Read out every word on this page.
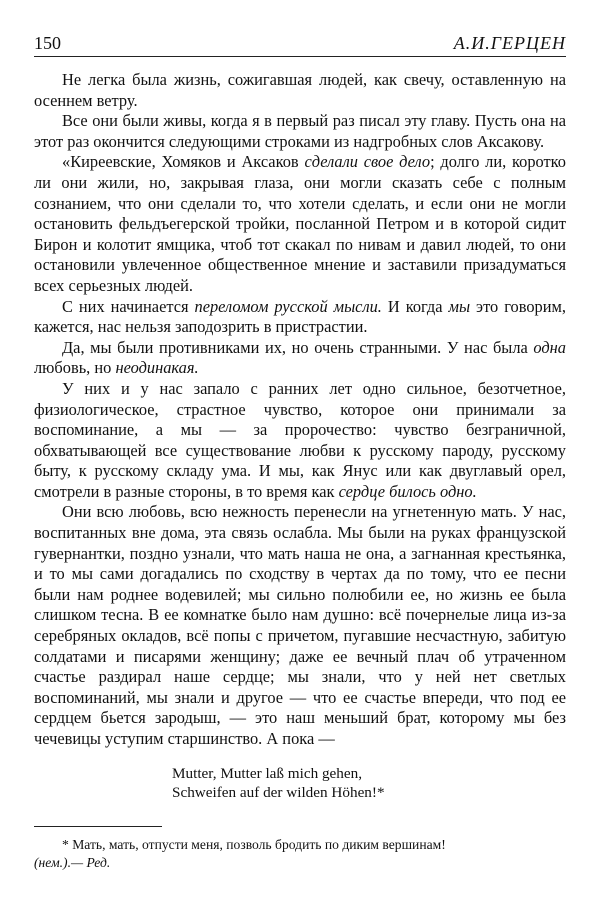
150	А.И.ГЕРЦЕН

Не легка была жизнь, сожигавшая людей, как свечу, оставленную на осеннем ветру.

Все они были живы, когда я в первый раз писал эту главу. Пусть она на этот раз окончится следующими строками из надгробных слов Аксакову.

«Киреевские, Хомяков и Аксаков сделали свое дело; долго ли, коротко ли они жили, но, закрывая глаза, они могли сказать себе с полным сознанием, что они сделали то, что хотели сделать, и если они не могли остановить фельдъегерской тройки, посланной Петром и в которой сидит Бирон и колотит ямщика, чтоб тот скакал по нивам и давил людей, то они остановили увлеченное общественное мнение и заставили призадуматься всех серьезных людей.

С них начинается переломом русской мысли. И когда мы это говорим, кажется, нас нельзя заподозрить в пристрастии.

Да, мы были противниками их, но очень странными. У нас была одна любовь, но неодинакая.

У них и у нас запало с ранних лет одно сильное, безотчетное, физиологическое, страстное чувство, которое они принимали за воспоминание, а мы — за пророчество: чувство безграничной, обхватывающей все существование любви к русскому пароду, русскому быту, к русскому складу ума. И мы, как Янус или как двуглавый орел, смотрели в разные стороны, в то время как сердце билось одно.

Они всю любовь, всю нежность перенесли на угнетенную мать. У нас, воспитанных вне дома, эта связь ослабла. Мы были на руках французской гувернантки, поздно узнали, что мать наша не она, а загнанная крестьянка, и то мы сами догадались по сходству в чертах да по тому, что ее песни были нам роднее водевилей; мы сильно полюбили ее, но жизнь ее была слишком тесна. В ее комнатке было нам душно: всё почернелые лица из-за серебряных окладов, всё попы с причетом, пугавшие несчастную, забитую солдатами и писарями женщину; даже ее вечный плач об утраченном счастье раздирал наше сердце; мы знали, что у ней нет светлых воспоминаний, мы знали и другое — что ее счастье впереди, что под ее сердцем бьется зародыш, — это наш меньший брат, которому мы без чечевицы уступим старшинство. А пока —

Mutter, Mutter laß mich gehen,
Schweifen auf der wilden Höhen!*

* Мать, мать, отпусти меня, позволь бродить по диким вершинам!
(нем.).— Ред.
